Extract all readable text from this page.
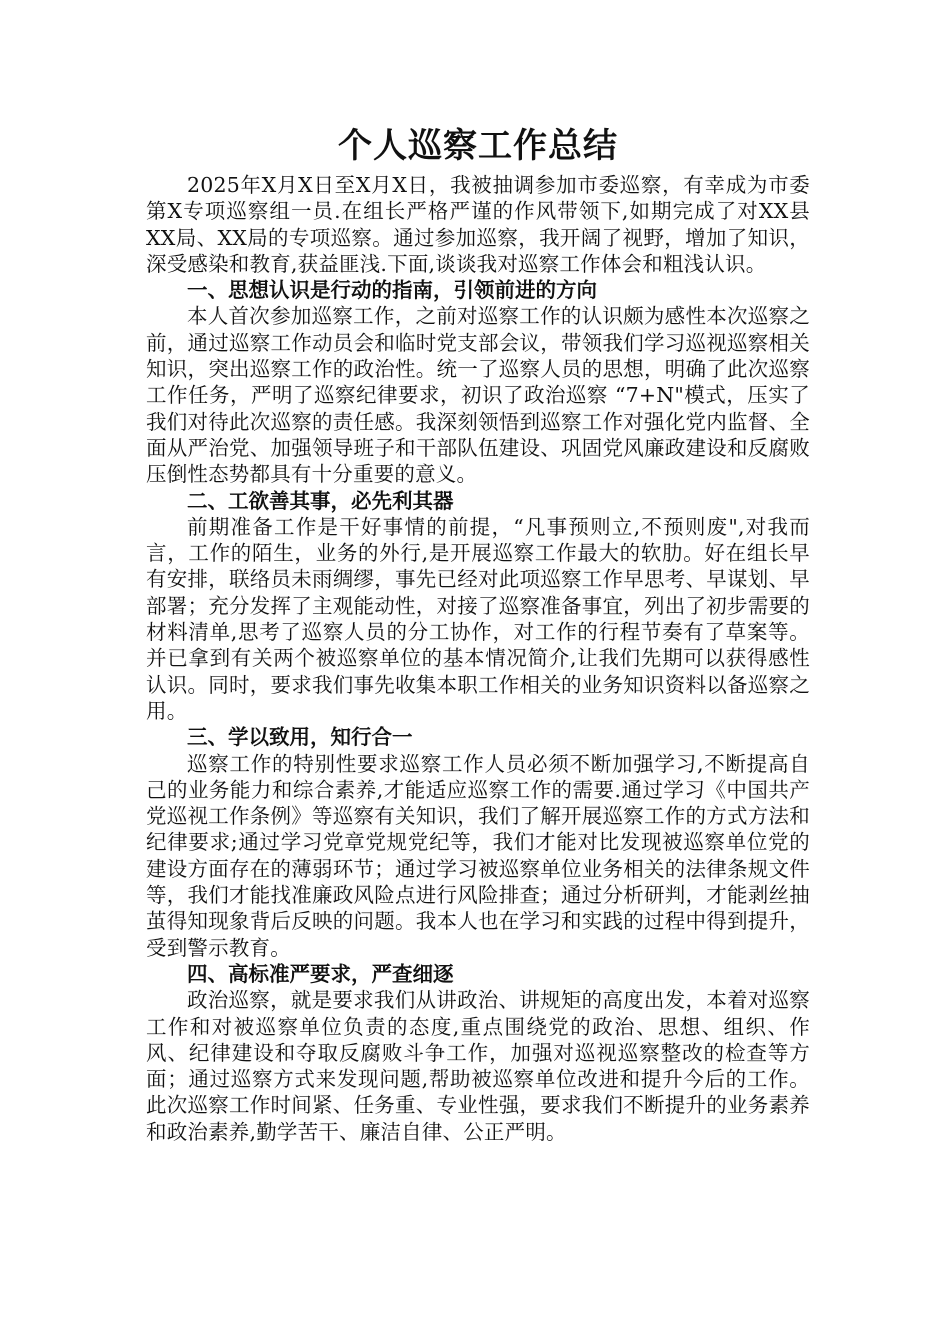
个人巡察工作总结

2025年X月X日至X月X日，我被抽调参加市委巡察，有幸成为市委第X专项巡察组一员.在组长严格严谨的作风带领下,如期完成了对XX县XX局、XX局的专项巡察。通过参加巡察，我开阔了视野，增加了知识，深受感染和教育,获益匪浅.下面,谈谈我对巡察工作体会和粗浅认识。

一、思想认识是行动的指南，引领前进的方向

本人首次参加巡察工作，之前对巡察工作的认识颇为感性本次巡察之前，通过巡察工作动员会和临时党支部会议，带领我们学习巡视巡察相关知识，突出巡察工作的政治性。统一了巡察人员的思想，明确了此次巡察工作任务，严明了巡察纪律要求，初识了政治巡察 “7+N"模式，压实了我们对待此次巡察的责任感。我深刻领悟到巡察工作对强化党内监督、全面从严治党、加强领导班子和干部队伍建设、巩固党风廉政建设和反腐败压倒性态势都具有十分重要的意义。

二、工欲善其事，必先利其器

前期准备工作是干好事情的前提，“凡事预则立,不预则废",对我而言，工作的陌生，业务的外行,是开展巡察工作最大的软肋。好在组长早有安排，联络员未雨绸缪，事先已经对此项巡察工作早思考、早谋划、早部署；充分发挥了主观能动性，对接了巡察准备事宜，列出了初步需要的材料清单,思考了巡察人员的分工协作，对工作的行程节奏有了草案等。并已拿到有关两个被巡察单位的基本情况简介,让我们先期可以获得感性认识。同时，要求我们事先收集本职工作相关的业务知识资料以备巡察之用。

三、学以致用，知行合一

巡察工作的特别性要求巡察工作人员必须不断加强学习,不断提高自己的业务能力和综合素养,才能适应巡察工作的需要.通过学习《中国共产党巡视工作条例》等巡察有关知识，我们了解开展巡察工作的方式方法和纪律要求;通过学习党章党规党纪等，我们才能对比发现被巡察单位党的建设方面存在的薄弱环节；通过学习被巡察单位业务相关的法律条规文件等，我们才能找准廉政风险点进行风险排查；通过分析研判，才能剥丝抽茧得知现象背后反映的问题。我本人也在学习和实践的过程中得到提升，受到警示教育。

四、高标准严要求，严查细逐

政治巡察，就是要求我们从讲政治、讲规矩的高度出发，本着对巡察工作和对被巡察单位负责的态度,重点围绕党的政治、思想、组织、作风、纪律建设和夺取反腐败斗争工作，加强对巡视巡察整改的检查等方面；通过巡察方式来发现问题,帮助被巡察单位改进和提升今后的工作。此次巡察工作时间紧、任务重、专业性强，要求我们不断提升的业务素养和政治素养,勤学苦干、廉洁自律、公正严明。
